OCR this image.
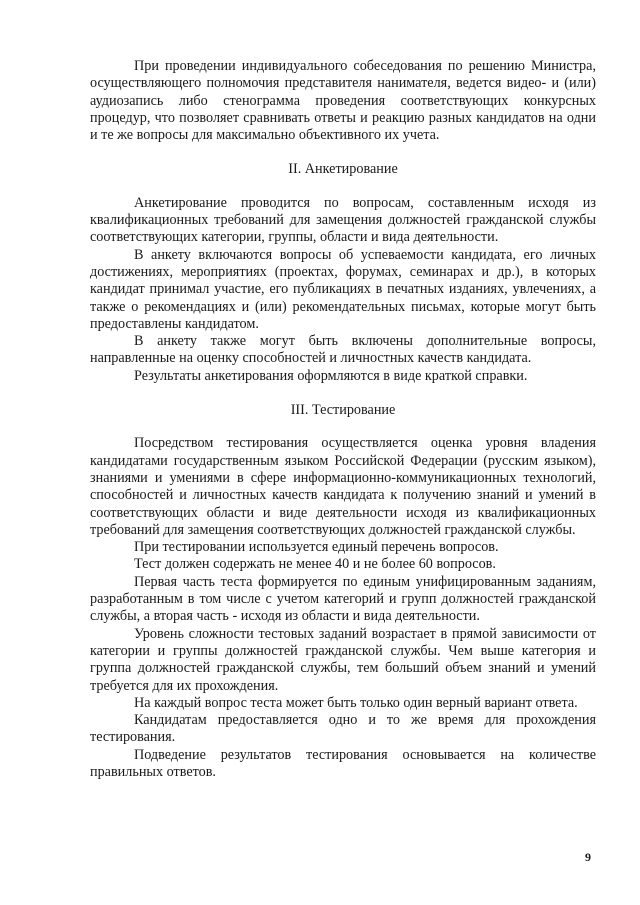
При проведении индивидуального собеседования по решению Министра, осуществляющего полномочия представителя нанимателя, ведется видео- и (или) аудиозапись либо стенограмма проведения соответствующих конкурсных процедур, что позволяет сравнивать ответы и реакцию разных кандидатов на одни и те же вопросы для максимально объективного их учета.

II. Анкетирование

Анкетирование проводится по вопросам, составленным исходя из квалификационных требований для замещения должностей гражданской службы соответствующих категории, группы, области и вида деятельности.

В анкету включаются вопросы об успеваемости кандидата, его личных достижениях, мероприятиях (проектах, форумах, семинарах и др.), в которых кандидат принимал участие, его публикациях в печатных изданиях, увлечениях, а также о рекомендациях и (или) рекомендательных письмах, которые могут быть предоставлены кандидатом.

В анкету также могут быть включены дополнительные вопросы, направленные на оценку способностей и личностных качеств кандидата.

Результаты анкетирования оформляются в виде краткой справки.

III. Тестирование

Посредством тестирования осуществляется оценка уровня владения кандидатами государственным языком Российской Федерации (русским языком), знаниями и умениями в сфере информационно-коммуникационных технологий, способностей и личностных качеств кандидата к получению знаний и умений в соответствующих области и виде деятельности исходя из квалификационных требований для замещения соответствующих должностей гражданской службы.

При тестировании используется единый перечень вопросов.

Тест должен содержать не менее 40 и не более 60 вопросов.

Первая часть теста формируется по единым унифицированным заданиям, разработанным в том числе с учетом категорий и групп должностей гражданской службы, а вторая часть - исходя из области и вида деятельности.

Уровень сложности тестовых заданий возрастает в прямой зависимости от категории и группы должностей гражданской службы. Чем выше категория и группа должностей гражданской службы, тем больший объем знаний и умений требуется для их прохождения.

На каждый вопрос теста может быть только один верный вариант ответа.

Кандидатам предоставляется одно и то же время для прохождения тестирования.

Подведение результатов тестирования основывается на количестве правильных ответов.

9
